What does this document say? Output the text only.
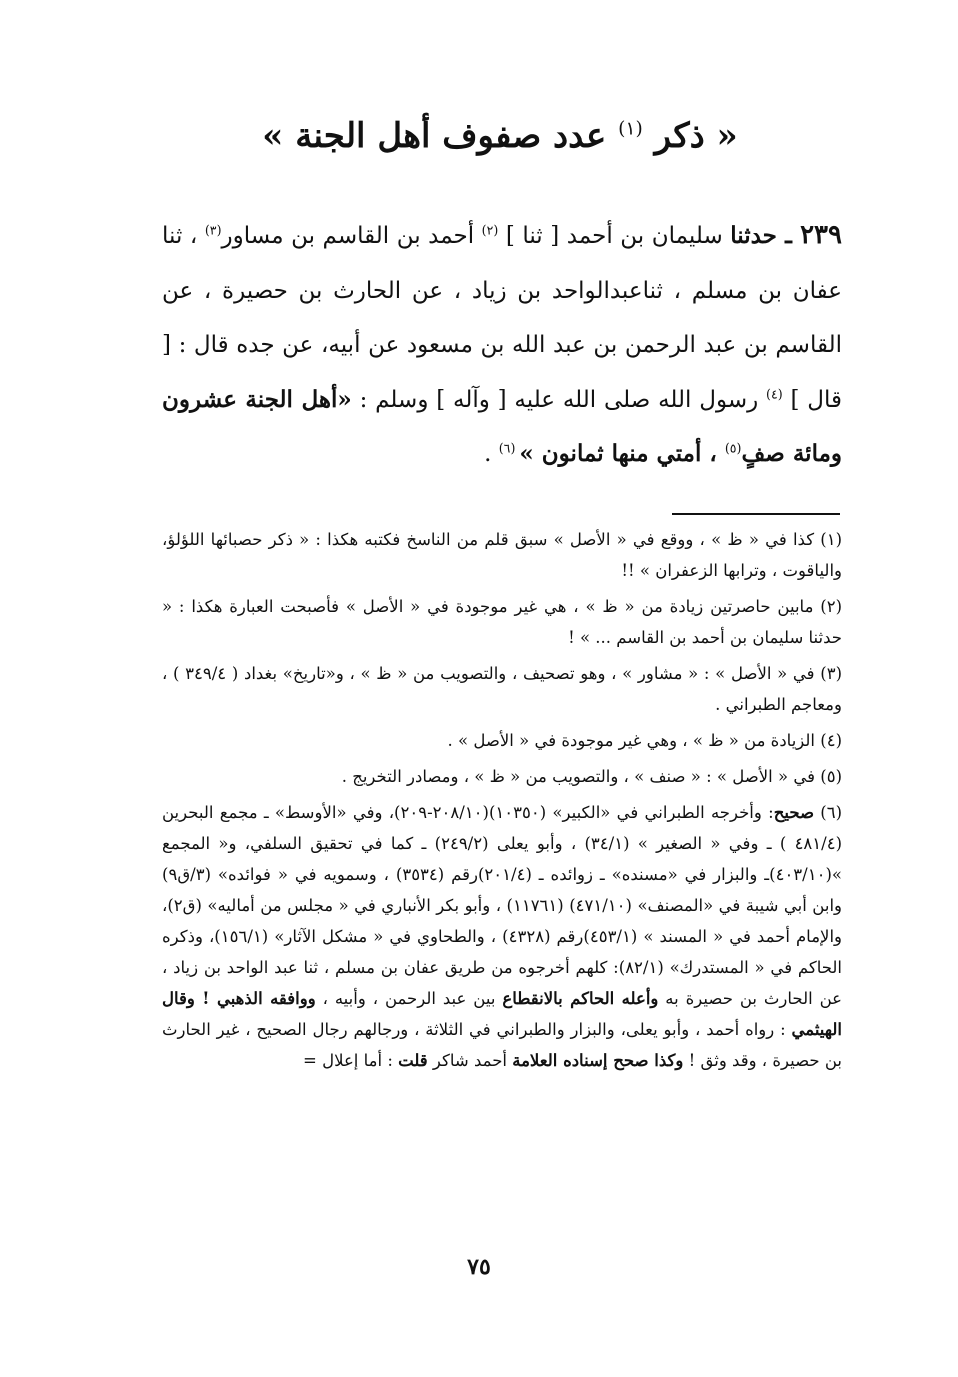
« ذكر $^{(١)}$ عدد صفوف أهل الجنة »

٢٣٩ ـ حدثنا سليمان بن أحمد [ ثنا ] $^{(٢)}$ أحمد بن القاسم بن مساور$^{(٣)}$ ، ثنا عفان بن مسلم ، ثناعبدالواحد بن زياد ، عن الحارث بن حصيرة ، عن القاسم بن عبد الرحمن بن عبد الله بن مسعود عن أبيه، عن جده قال : [ قال ] $^{(٤)}$ رسول الله صلى الله عليه [ وآله ] وسلم : «أهل الجنة عشرون ومائة صفٍ$^{(٥)}$ ، أمتي منها ثمانون » $^{(٦)}$ .

(١) كذا في « ظ » ، ووقع في « الأصل » سبق قلم من الناسخ فكتبه هكذا : « ذكر حصبائها اللؤلؤ، والياقوت ، وترابها الزعفران » !!

(٢) مابين حاصرتين زيادة من « ظ » ، هي غير موجودة في « الأصل » فأصبحت العبارة هكذا : « حدثنا سليمان بن أحمد بن القاسم ... » !

(٣) في « الأصل » : « مشاور » ، وهو تصحيف ، والتصويب من « ظ » ، و«تاريخ» بغداد ( ٣٤٩/٤ ) ، ومعاجم الطبراني .

(٤) الزيادة من « ظ » ، وهي غير موجودة في « الأصل » .

(٥) في « الأصل » : « صنف » ، والتصويب من « ظ » ، ومصادر التخريج .

(٦) صحيح: وأخرجه الطبراني في «الكبير» (١٠٣٥٠)(٢٠٨/١٠-٢٠٩)، وفي «الأوسط» ـ مجمع البحرين (٤٨١/٤ ) ـ وفي « الصغير » (٣٤/١) ، وأبو يعلى (٢٤٩/٢) ـ كما في تحقيق السلفي، و« المجمع »(٤٠٣/١٠)ـ والبزار في «مسنده» ـ زوائده ـ (٢٠١/٤)رقم (٣٥٣٤) ، وسمويه في « فوائده» (٣/ق٩) وابن أبي شيبة في «المصنف» (٤٧١/١٠) (١١٧٦١) ، وأبو بكر الأنباري في « مجلس من أماليه» (ق٢)، والإمام أحمد في « المسند » (٤٥٣/١)رقم (٤٣٢٨) ، والطحاوي في « مشكل الآثار» (١٥٦/١)، وذكره الحاكم في « المستدرك» (٨٢/١): كلهم أخرجوه من طريق عفان بن مسلم ، ثنا عبد الواحد بن زياد ، عن الحارث بن حصيرة به وأعله الحاكم بالانقطاع بين عبد الرحمن ، وأبيه ، ووافقه الذهبي ! وقال الهيثمي : رواه أحمد ، وأبو يعلى، والبزار والطبراني في الثلاثة ، ورجالهم رجال الصحيح ، غير الحارث بن حصيرة ، وقد وثق ! وكذا صحح إسناده العلامة أحمد شاكر قلت : أما إعلال =

٧٥
